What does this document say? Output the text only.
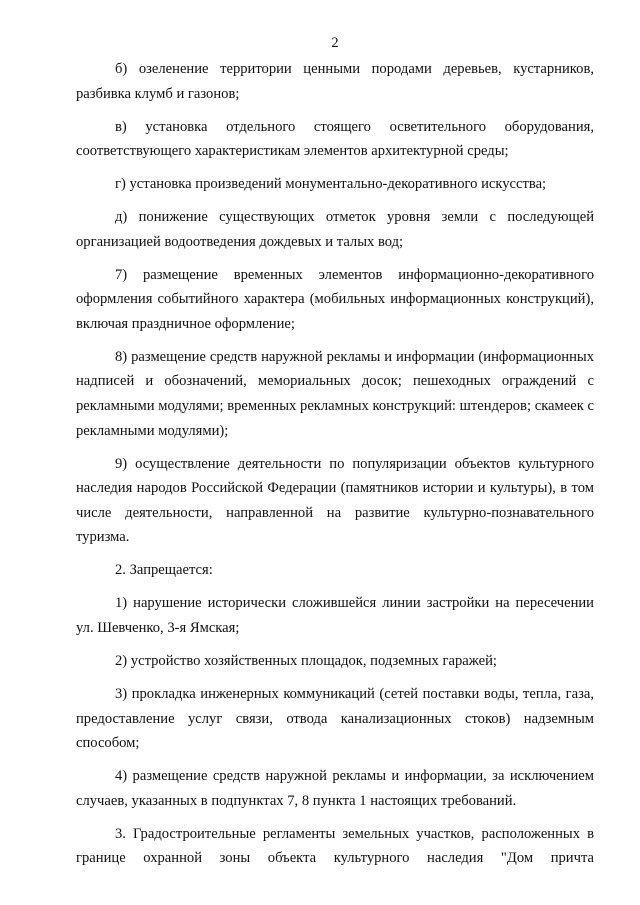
2

б) озеленение территории ценными породами деревьев, кустарников, разбивка клумб и газонов;

в) установка отдельного стоящего осветительного оборудования, соответствующего характеристикам элементов архитектурной среды;

г) установка произведений монументально-декоративного искусства;

д) понижение существующих отметок уровня земли с последующей организацией водоотведения дождевых и талых вод;

7) размещение временных элементов информационно-декоративного оформления событийного характера (мобильных информационных конструкций), включая праздничное оформление;

8) размещение средств наружной рекламы и информации (информационных надписей и обозначений, мемориальных досок; пешеходных ограждений с рекламными модулями; временных рекламных конструкций: штендеров; скамеек с рекламными модулями);

9) осуществление деятельности по популяризации объектов культурного наследия народов Российской Федерации (памятников истории и культуры), в том числе деятельности, направленной на развитие культурно-познавательного туризма.

2. Запрещается:

1) нарушение исторически сложившейся линии застройки на пересечении ул. Шевченко, 3-я Ямская;

2) устройство хозяйственных площадок, подземных гаражей;

3) прокладка инженерных коммуникаций (сетей поставки воды, тепла, газа, предоставление услуг связи, отвода канализационных стоков) надземным способом;

4) размещение средств наружной рекламы и информации, за исключением случаев, указанных в подпунктах 7, 8 пункта 1 настоящих требований.

3. Градостроительные регламенты земельных участков, расположенных в границе охранной зоны объекта культурного наследия "Дом причта
